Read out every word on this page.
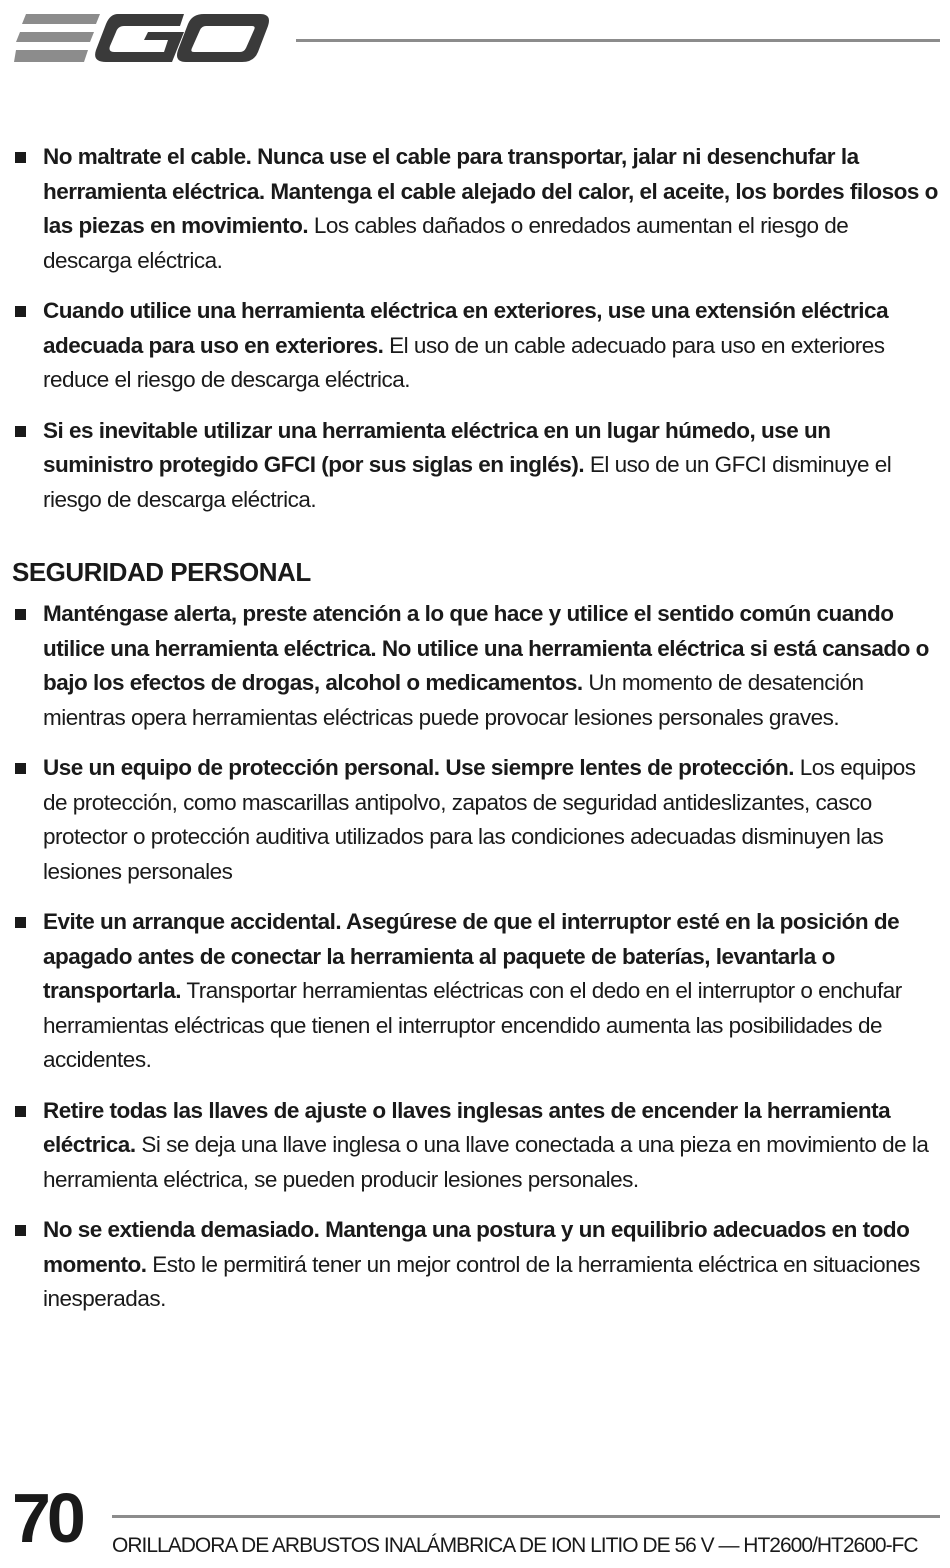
No maltrate el cable. Nunca use el cable para transportar, jalar ni desenchufar la herramienta eléctrica. Mantenga el cable alejado del calor, el aceite, los bordes filosos o las piezas en movimiento. Los cables dañados o enredados aumentan el riesgo de descarga eléctrica.
Cuando utilice una herramienta eléctrica en exteriores, use una extensión eléctrica adecuada para uso en exteriores. El uso de un cable adecuado para uso en exteriores reduce el riesgo de descarga eléctrica.
Si es inevitable utilizar una herramienta eléctrica en un lugar húmedo, use un suministro protegido GFCI (por sus siglas en inglés). El uso de un GFCI disminuye el riesgo de descarga eléctrica.
SEGURIDAD PERSONAL
Manténgase alerta, preste atención a lo que hace y utilice el sentido común cuando utilice una herramienta eléctrica. No utilice una herramienta eléctrica si está cansado o bajo los efectos de drogas, alcohol o medicamentos. Un momento de desatención mientras opera herramientas eléctricas puede provocar lesiones personales graves.
Use un equipo de protección personal. Use siempre lentes de protección. Los equipos de protección, como mascarillas antipolvo, zapatos de seguridad antideslizantes, casco protector o protección auditiva utilizados para las condiciones adecuadas disminuyen las lesiones personales
Evite un arranque accidental. Asegúrese de que el interruptor esté en la posición de apagado antes de conectar la herramienta al paquete de baterías, levantarla o transportarla. Transportar herramientas eléctricas con el dedo en el interruptor o enchufar herramientas eléctricas que tienen el interruptor encendido aumenta las posibilidades de accidentes.
Retire todas las llaves de ajuste o llaves inglesas antes de encender la herramienta eléctrica. Si se deja una llave inglesa o una llave conectada a una pieza en movimiento de la herramienta eléctrica, se pueden producir lesiones personales.
No se extienda demasiado. Mantenga una postura y un equilibrio adecuados en todo momento. Esto le permitirá tener un mejor control de la herramienta eléctrica en situaciones inesperadas.
70 ORILLADORA DE ARBUSTOS INALÁMBRICA DE ION LITIO DE 56 V — HT2600/HT2600-FC
